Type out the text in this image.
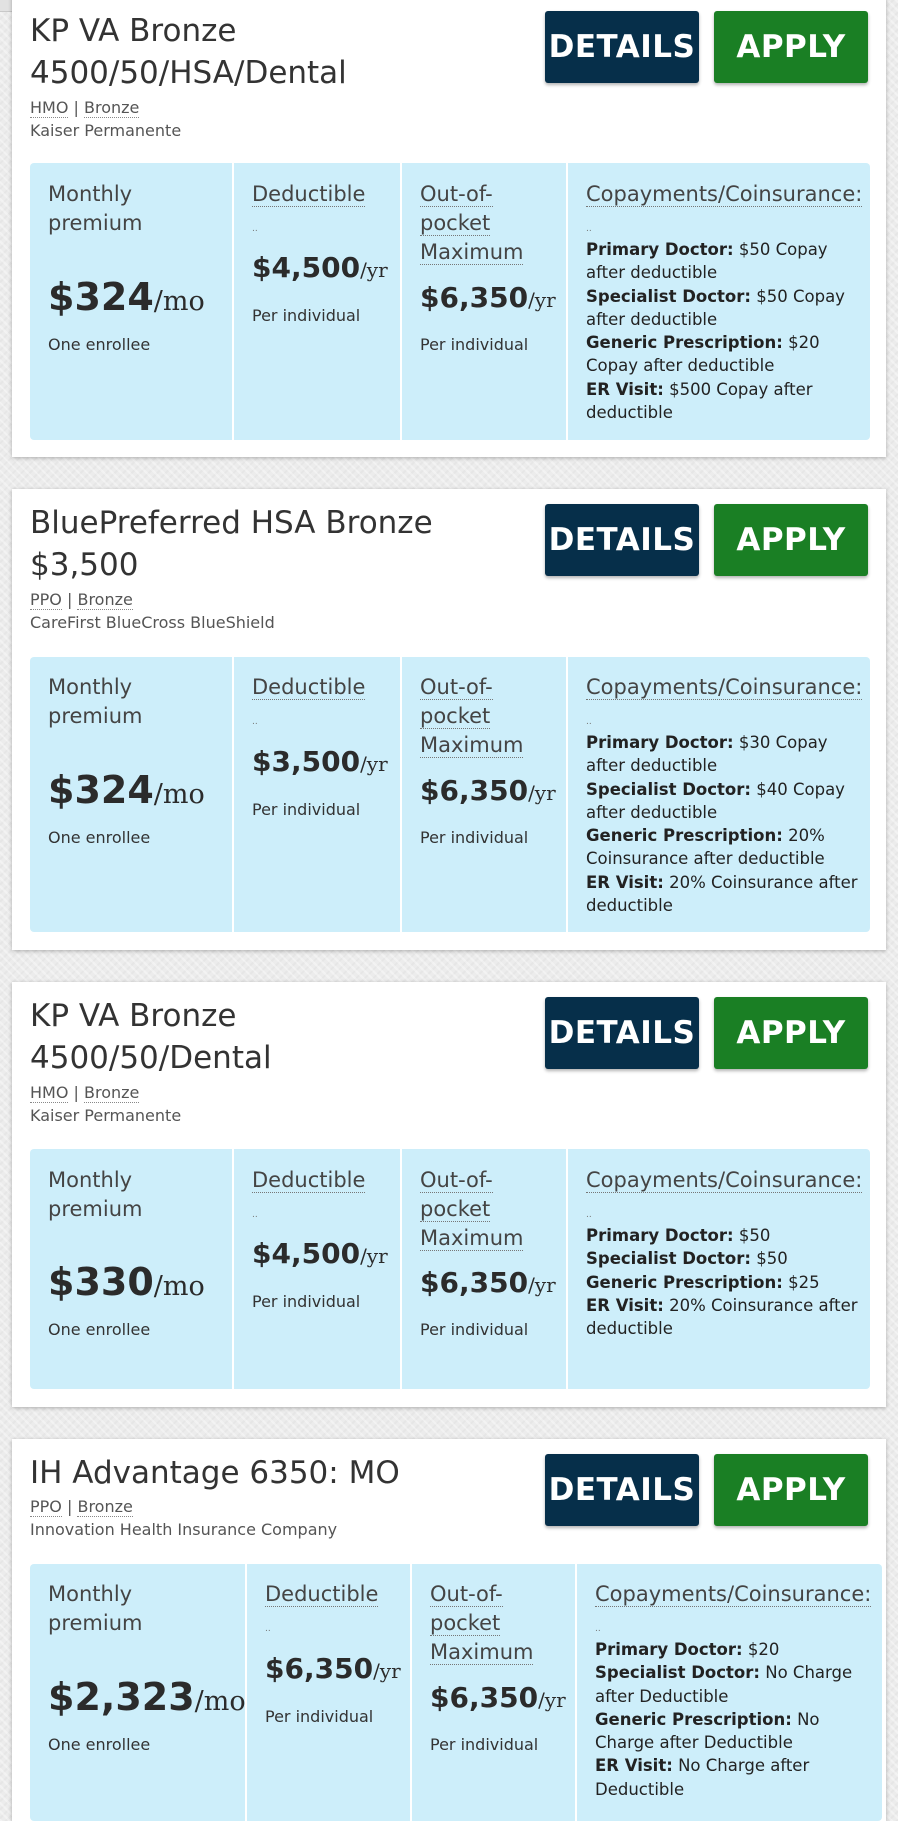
KP VA Bronze 4500/50/HSA/Dental
HMO | Bronze
Kaiser Permanente
DETAILS	APPLY
Monthly premium
$324/mo
One enrollee
Deductible
..
$4,500/yr
Per individual
Out-of-pocket Maximum
$6,350/yr
Per individual
Copayments/Coinsurance:
..
Primary Doctor: $50 Copay after deductible
Specialist Doctor: $50 Copay after deductible
Generic Prescription: $20 Copay after deductible
ER Visit: $500 Copay after deductible
BluePreferred HSA Bronze $3,500
PPO | Bronze
CareFirst BlueCross BlueShield
DETAILS	APPLY
Monthly premium
$324/mo
One enrollee
Deductible
..
$3,500/yr
Per individual
Out-of-pocket Maximum
$6,350/yr
Per individual
Copayments/Coinsurance:
..
Primary Doctor: $30 Copay after deductible
Specialist Doctor: $40 Copay after deductible
Generic Prescription: 20% Coinsurance after deductible
ER Visit: 20% Coinsurance after deductible
KP VA Bronze 4500/50/Dental
HMO | Bronze
Kaiser Permanente
DETAILS	APPLY
Monthly premium
$330/mo
One enrollee
Deductible
..
$4,500/yr
Per individual
Out-of-pocket Maximum
$6,350/yr
Per individual
Copayments/Coinsurance:
..
Primary Doctor: $50
Specialist Doctor: $50
Generic Prescription: $25
ER Visit: 20% Coinsurance after deductible
IH Advantage 6350: MO
PPO | Bronze
Innovation Health Insurance Company
DETAILS	APPLY
Monthly premium
$2,323/mo
One enrollee
Deductible
..
$6,350/yr
Per individual
Out-of-pocket Maximum
$6,350/yr
Per individual
Copayments/Coinsurance:
..
Primary Doctor: $20
Specialist Doctor: No Charge after Deductible
Generic Prescription: No Charge after Deductible
ER Visit: No Charge after Deductible
